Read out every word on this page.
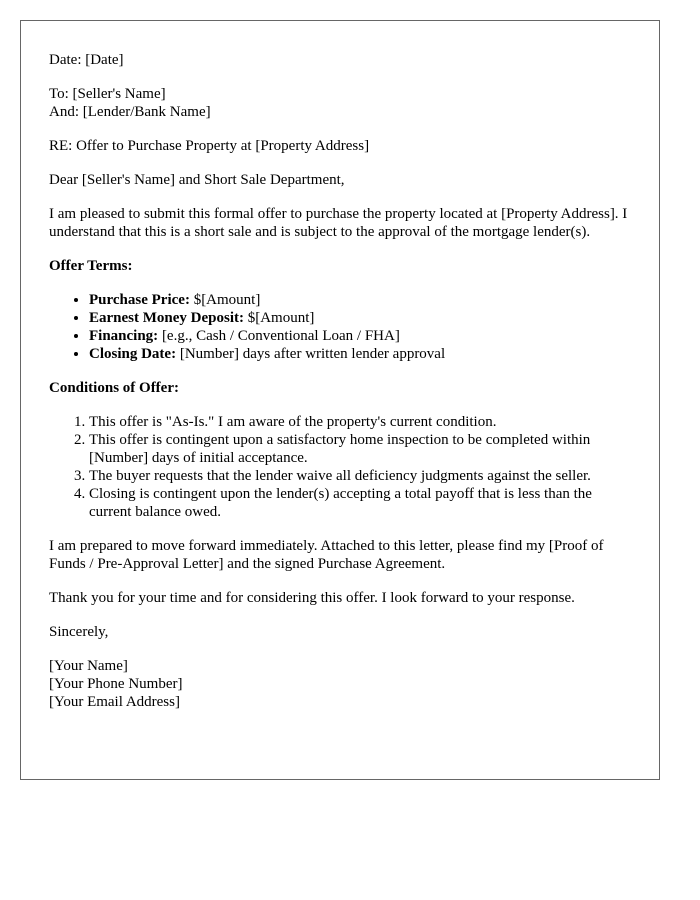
Date: [Date]

To: [Seller's Name]
And: [Lender/Bank Name]

RE: Offer to Purchase Property at [Property Address]

Dear [Seller's Name] and Short Sale Department,

I am pleased to submit this formal offer to purchase the property located at [Property Address]. I understand that this is a short sale and is subject to the approval of the mortgage lender(s).

Offer Terms:

• Purchase Price: $[Amount]
• Earnest Money Deposit: $[Amount]
• Financing: [e.g., Cash / Conventional Loan / FHA]
• Closing Date: [Number] days after written lender approval

Conditions of Offer:

1. This offer is "As-Is." I am aware of the property's current condition.
2. This offer is contingent upon a satisfactory home inspection to be completed within [Number] days of initial acceptance.
3. The buyer requests that the lender waive all deficiency judgments against the seller.
4. Closing is contingent upon the lender(s) accepting a total payoff that is less than the current balance owed.

I am prepared to move forward immediately. Attached to this letter, please find my [Proof of Funds / Pre-Approval Letter] and the signed Purchase Agreement.

Thank you for your time and for considering this offer. I look forward to your response.

Sincerely,

[Your Name]
[Your Phone Number]
[Your Email Address]
